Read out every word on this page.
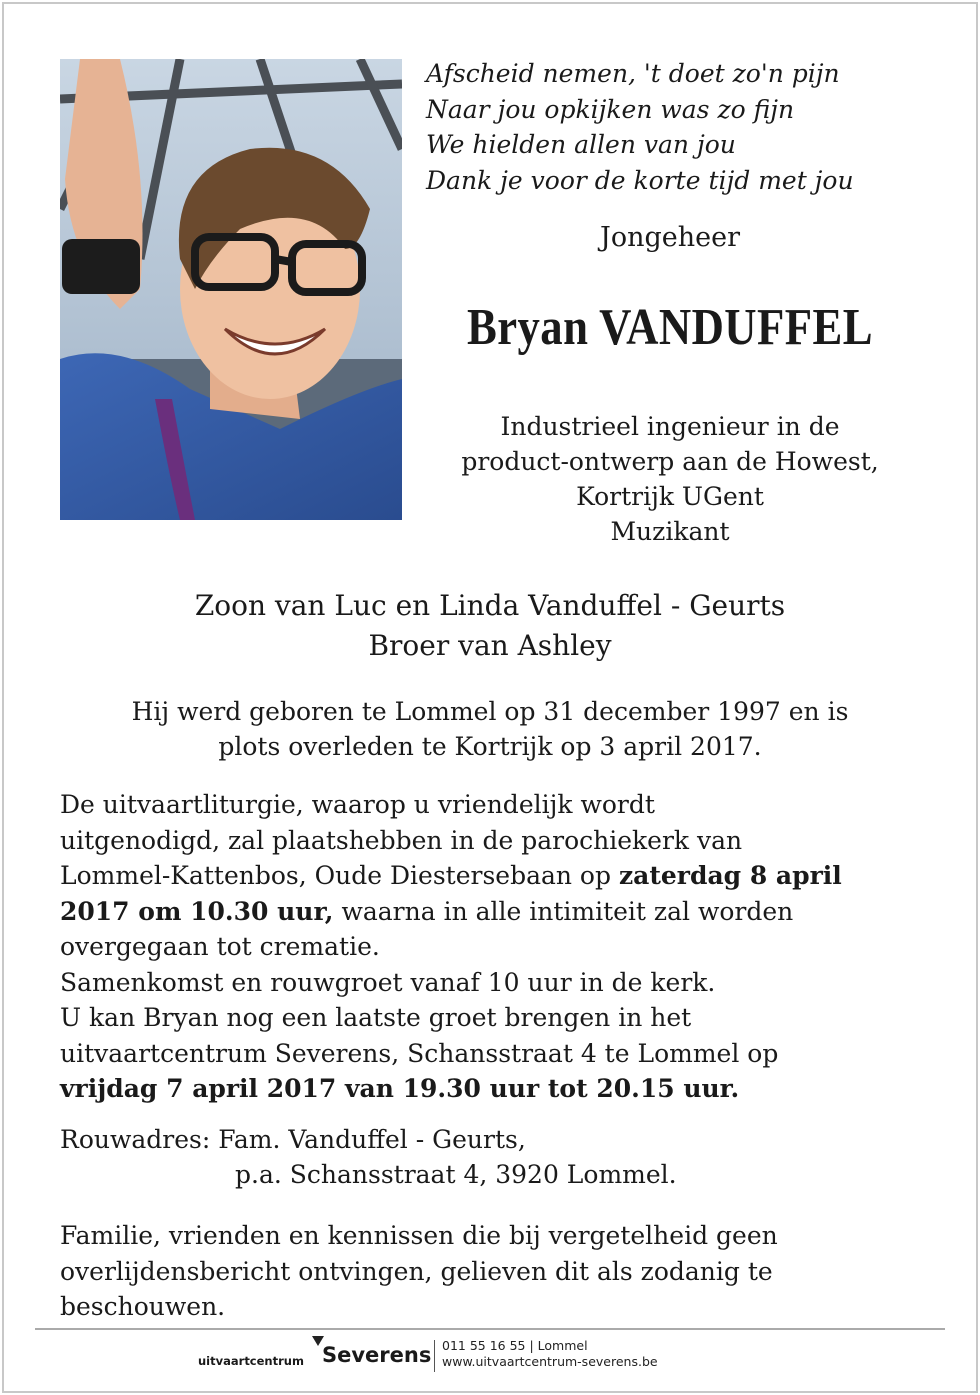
Afscheid nemen, 't doet zo'n pijn
Naar jou opkijken was zo fijn
We hielden allen van jou
Dank je voor de korte tijd met jou
Jongeheer
Bryan VANDUFFEL
Industrieel ingenieur in de
product-ontwerp aan de Howest,
Kortrijk UGent
Muzikant
Zoon van Luc en Linda Vanduffel - Geurts
Broer van Ashley
Hij werd geboren te Lommel op 31 december 1997 en is
plots overleden te Kortrijk op 3 april 2017.
De uitvaartliturgie, waarop u vriendelijk wordt
uitgenodigd, zal plaatshebben in de parochiekerk van
Lommel-Kattenbos, Oude Diestersebaan op zaterdag 8 april
2017 om 10.30 uur, waarna in alle intimiteit zal worden
overgegaan tot crematie.
Samenkomst en rouwgroet vanaf 10 uur in de kerk.
U kan Bryan nog een laatste groet brengen in het
uitvaartcentrum Severens, Schansstraat 4 te Lommel op
vrijdag 7 april 2017 van 19.30 uur tot 20.15 uur.
Rouwadres: Fam. Vanduffel - Geurts,
p.a. Schansstraat 4, 3920 Lommel.
Familie, vrienden en kennissen die bij vergetelheid geen
overlijdensbericht ontvingen, gelieven dit als zodanig te
beschouwen.
uitvaartcentrum Severens 011 55 16 55 | Lommel
www.uitvaartcentrum-severens.be
